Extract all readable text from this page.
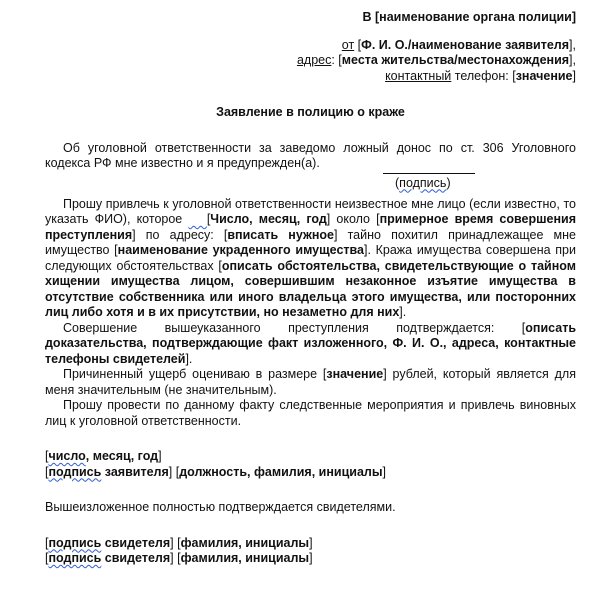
В [наименование органа полиции]
от [Ф. И. О./наименование заявителя],
адрес: [места жительства/местонахождения],
контактный телефон: [значение]
Заявление в полицию о краже

Об уголовной ответственности за заведомо ложный донос по ст. 306 Уголовного кодекса РФ мне известно и я предупрежден(а).

(подпись)

Прошу привлечь к уголовной ответственности неизвестное мне лицо (если известно, то указать ФИО), которое    [Число, месяц, год] около [примерное время совершения преступления] по адресу: [вписать нужное] тайно похитил принадлежащее мне имущество [наименование украденного имущества]. Кража имущества совершена при следующих обстоятельствах [описать обстоятельства, свидетельствующие о тайном хищении имущества лицом, совершившим незаконное изъятие имущества в отсутствие собственника или иного владельца этого имущества, или посторонних лиц либо хотя и в их присутствии, но незаметно для них].

Совершение вышеуказанного преступления подтверждается: [описать доказательства, подтверждающие факт изложенного, Ф. И. О., адреса, контактные телефоны свидетелей].

Причиненный ущерб оцениваю в размере [значение] рублей, который является для меня значительным (не значительным).

Прошу провести по данному факту следственные мероприятия и привлечь виновных лиц к уголовной ответственности.

[число, месяц, год]
[подпись заявителя] [должность, фамилия, инициалы]
Вышеизложенное полностью подтверждается свидетелями.
[подпись свидетеля] [фамилия, инициалы]
[подпись свидетеля] [фамилия, инициалы]
